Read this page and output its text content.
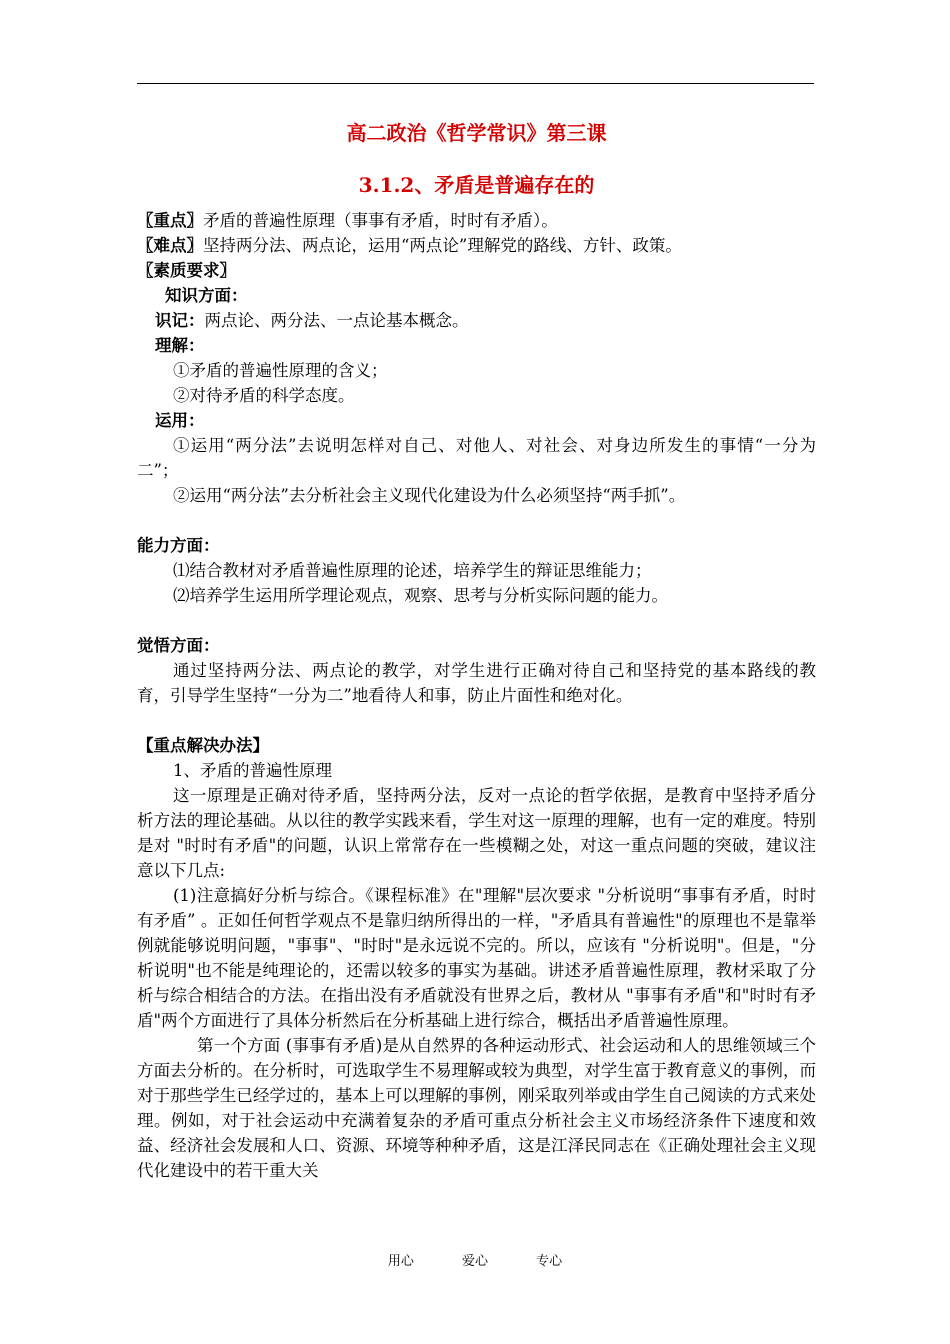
高二政治《哲学常识》第三课

3.1.2、矛盾是普遍存在的

〖重点〗矛盾的普遍性原理（事事有矛盾，时时有矛盾）。

〖难点〗坚持两分法、两点论，运用“两点论”理解党的路线、方针、政策。

〖素质要求〗

知识方面：

识记：两点论、两分法、一点论基本概念。

理解：

①矛盾的普遍性原理的含义；

②对待矛盾的科学态度。

运用：

①运用“两分法”去说明怎样对自己、对他人、对社会、对身边所发生的事情“一分为二”；

②运用“两分法”去分析社会主义现代化建设为什么必须坚持“两手抓”。

能力方面：

⑴结合教材对矛盾普遍性原理的论述，培养学生的辩证思维能力；

⑵培养学生运用所学理论观点，观察、思考与分析实际问题的能力。

觉悟方面：

通过坚持两分法、两点论的教学，对学生进行正确对待自己和坚持党的基本路线的教育，引导学生坚持“一分为二”地看待人和事，防止片面性和绝对化。

【重点解决办法】

1、矛盾的普遍性原理

这一原理是正确对待矛盾，坚持两分法，反对一点论的哲学依据，是教育中坚持矛盾分析方法的理论基础。从以往的教学实践来看，学生对这一原理的理解，也有一定的难度。特别是对 "时时有矛盾"的问题，认识上常常存在一些模糊之处，对这一重点问题的突破，建议注意以下几点:

(1)注意搞好分析与综合。《课程标准》在"理解"层次要求 "分析说明“事事有矛盾，时时有矛盾” 。正如任何哲学观点不是靠归纳所得出的一样，"矛盾具有普遍性"的原理也不是靠举例就能够说明问题，"事事"、"时时"是永远说不完的。所以，应该有 "分析说明"。但是，"分析说明"也不能是纯理论的，还需以较多的事实为基础。讲述矛盾普遍性原理，教材采取了分析与综合相结合的方法。在指出没有矛盾就没有世界之后，教材从 "事事有矛盾"和"时时有矛盾"两个方面进行了具体分析然后在分析基础上进行综合，概括出矛盾普遍性原理。

第一个方面 (事事有矛盾)是从自然界的各种运动形式、社会运动和人的思维领域三个方面去分析的。在分析时，可选取学生不易理解或较为典型，对学生富于教育意义的事例，而对于那些学生已经学过的，基本上可以理解的事例，刚采取列举或由学生自己阅读的方式来处理。例如，对于社会运动中充满着复杂的矛盾可重点分析社会主义市场经济条件下速度和效益、经济社会发展和人口、资源、环境等种种矛盾，这是江泽民同志在《正确处理社会主义现代化建设中的若干重大关

用心	爱心	专心
